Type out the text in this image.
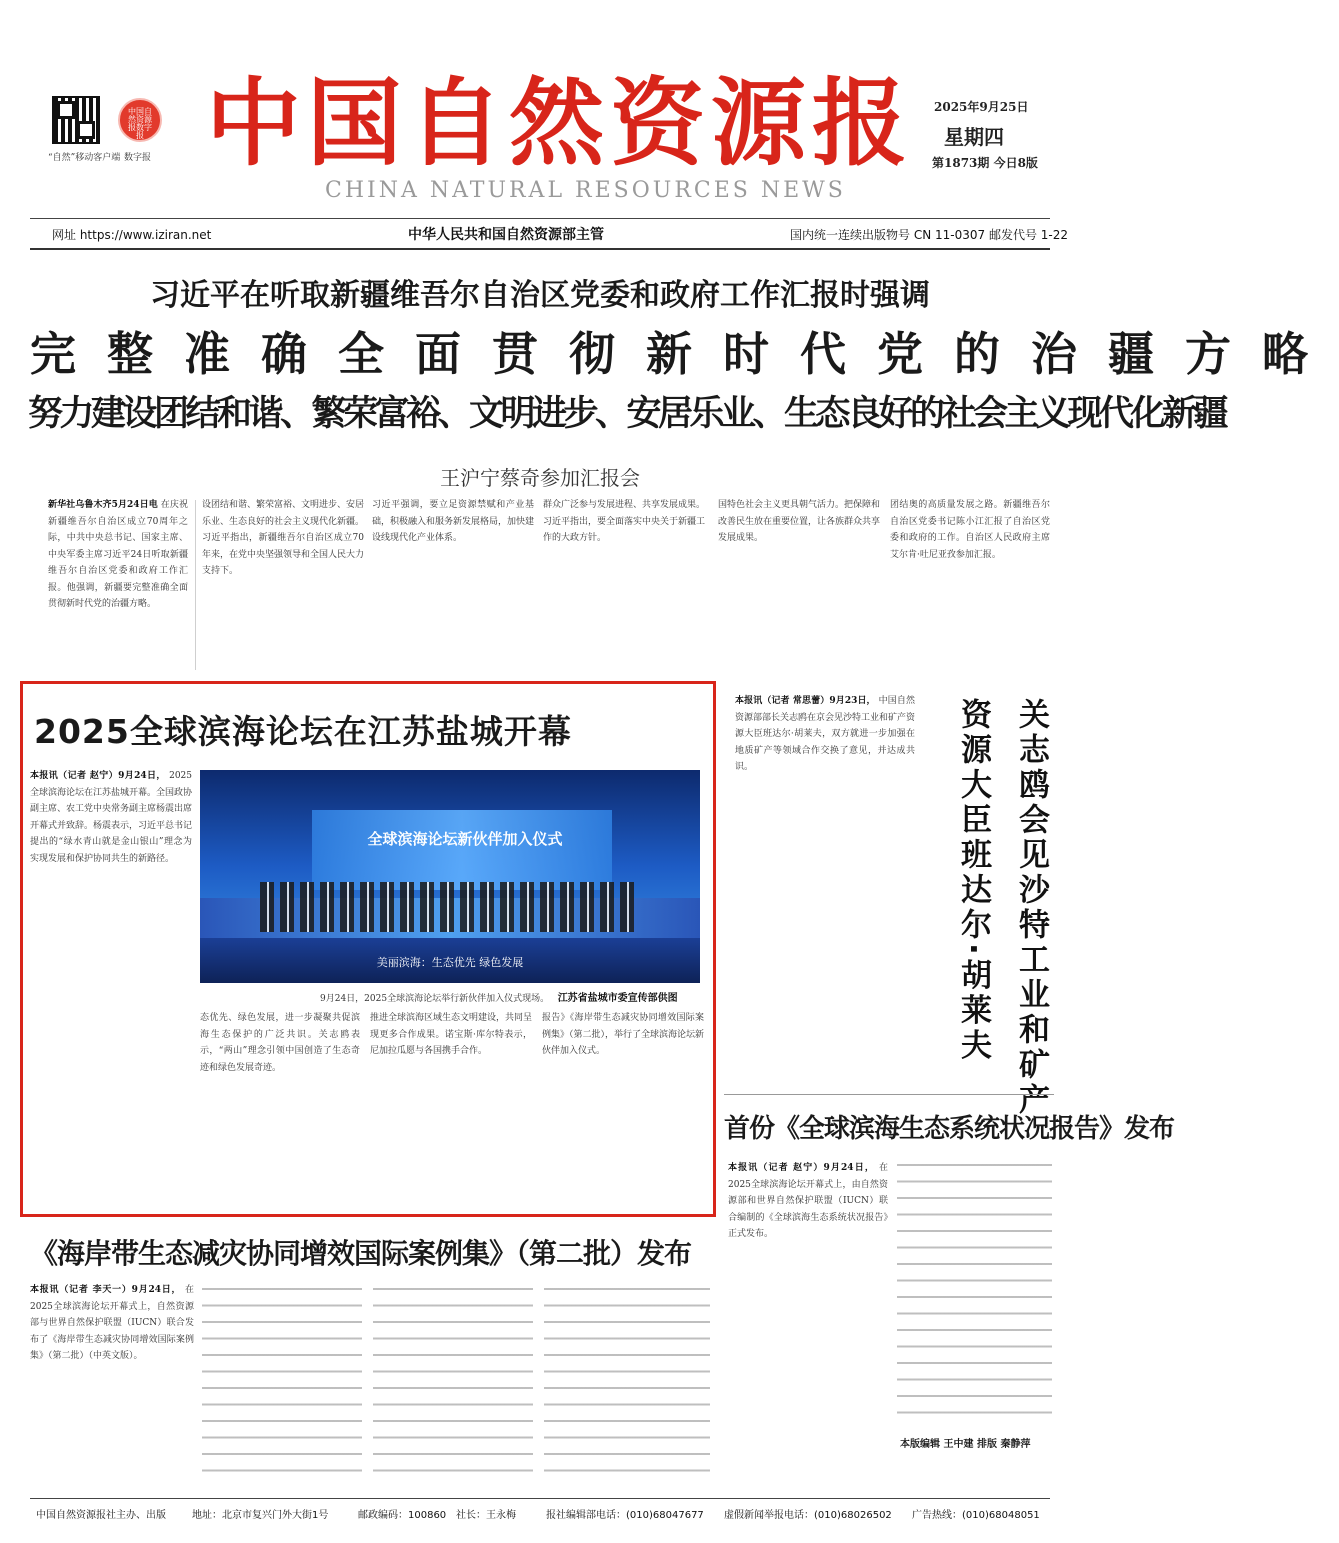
“自然”移动客户端
中国自然资源报数字报
数字报 中国自然资源报
CHINA NATURAL RESOURCES NEWS
2025年9月25日
星期四
第1873期 今日8版
网址 https://www.iziran.net	中华人民共和国自然资源部主管	国内统一连续出版物号 CN 11-0307 邮发代号 1-22
习近平在听取新疆维吾尔自治区党委和政府工作汇报时强调
完整准确全面贯彻新时代党的治疆方略
努力建设团结和谐、繁荣富裕、文明进步、安居乐业、生态良好的社会主义现代化新疆
王沪宁蔡奇参加汇报会
新华社乌鲁木齐5月24日电 在庆祝新疆维吾尔自治区成立70周年之际，中共中央总书记、国家主席、中央军委主席习近平24日听取新疆维吾尔自治区党委和政府工作汇报。他强调，新疆要完整准确全面贯彻新时代党的治疆方略。
设团结和谐、繁荣富裕、文明进步、安居乐业、生态良好的社会主义现代化新疆。习近平指出，新疆维吾尔自治区成立70年来，在党中央坚强领导和全国人民大力支持下。
习近平强调，要立足资源禁赋和产业基础，积极融入和服务新发展格局，加快建设线现代化产业体系。
群众广泛参与发展进程、共享发展成果。习近平指出，要全面落实中央关于新疆工作的大政方针。
国特色社会主义更具朝气活力。把保障和改善民生放在重要位置，让各族群众共享发展成果。
团结奥的高质量发展之路。新疆维吾尔自治区党委书记陈小江汇报了自治区党委和政府的工作。自治区人民政府主席艾尔肯·吐尼亚孜参加汇报。
2025全球滨海论坛在江苏盐城开幕
本报讯（记者 赵宁）9月24日， 2025全球滨海论坛在江苏盐城开幕。全国政协副主席、农工党中央常务副主席杨震出席开幕式并致辞。杨震表示，习近平总书记提出的“绿水青山就是金山银山”理念为实现发展和保护协同共生的新路径。
全球滨海论坛新伙伴加入仪式
美丽滨海：生态优先 绿色发展
9月24日，2025全球滨海论坛举行新伙伴加入仪式现场。 江苏省盐城市委宣传部供图
态优先、绿色发展，进一步凝聚共促滨海生态保护的广泛共识。关志鸥表示，“两山”理念引领中国创造了生态奇迹和绿色发展奇迹。
推进全球滨海区域生态文明建设，共同呈现更多合作成果。诺宝斯·库尔特表示，尼加拉瓜愿与各国携手合作。
报告》《海岸带生态减灾协同增效国际案例集》（第二批），举行了全球滨海论坛新伙伴加入仪式。
本报讯（记者 常思蕾）9月23日， 中国自然资源部部长关志鸥在京会见沙特工业和矿产资源大臣班达尔·胡莱夫，双方就进一步加强在地质矿产等领域合作交换了意见，并达成共识。	关志鸥会见沙特工业和矿产
资源大臣班达尔·胡莱夫
首份《全球滨海生态系统状况报告》发布
本报讯（记者 赵宁）9月24日， 在2025全球滨海论坛开幕式上，由自然资源部和世界自然保护联盟（IUCN）联合编制的《全球滨海生态系统状况报告》正式发布。
《海岸带生态减灾协同增效国际案例集》（第二批）发布
本报讯（记者 李天一）9月24日， 在2025全球滨海论坛开幕式上，自然资源部与世界自然保护联盟（IUCN）联合发布了《海岸带生态减灾协同增效国际案例集》（第二批）（中英文版）。
本版编辑 王中建 排版 秦静萍
中国自然资源报社主办、出版	地址：北京市复兴门外大街1号	邮政编码：100860 社长：王永梅	报社编辑部电话：(010)68047677 虚假新闻举报电话：(010)68026502 广告热线：(010)68048051
